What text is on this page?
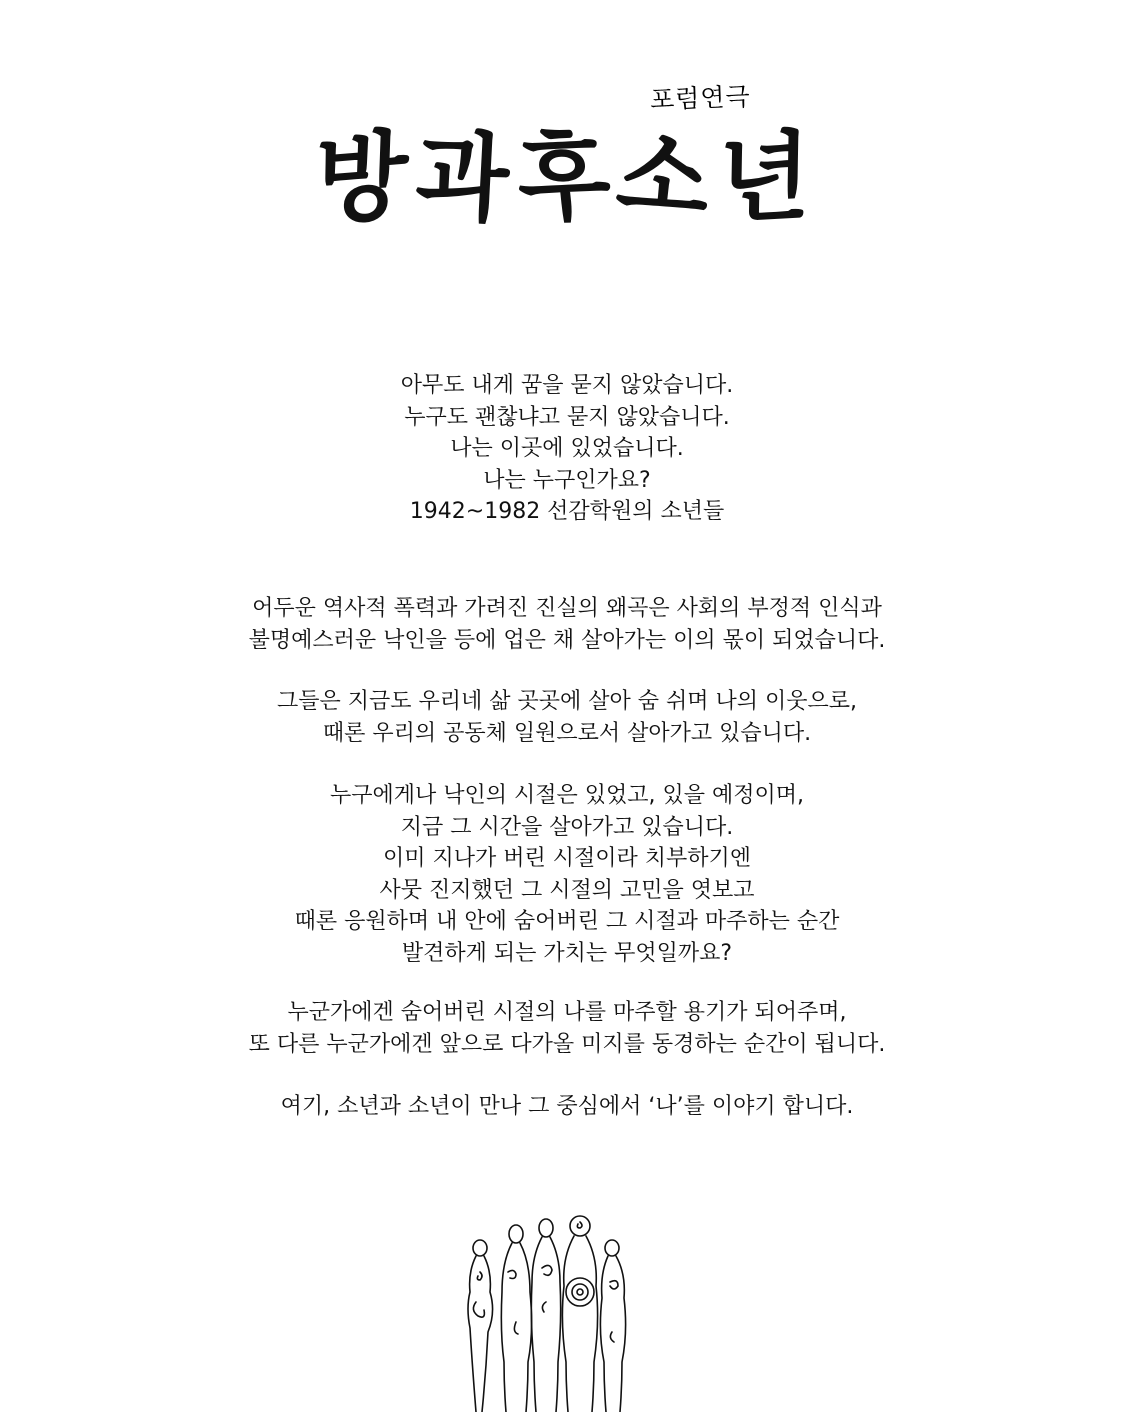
포럼연극
방과후소년

아무도 내게 꿈을 묻지 않았습니다.

누구도 괜찮냐고 묻지 않았습니다.

나는 이곳에 있었습니다.

나는 누구인가요?

1942~1982 선감학원의 소년들

어두운 역사적 폭력과 가려진 진실의 왜곡은 사회의 부정적 인식과

불명예스러운 낙인을 등에 업은 채 살아가는 이의 몫이 되었습니다.

그들은 지금도 우리네 삶 곳곳에 살아 숨 쉬며 나의 이웃으로,

때론 우리의 공동체 일원으로서 살아가고 있습니다.

누구에게나 낙인의 시절은 있었고, 있을 예정이며,

지금 그 시간을 살아가고 있습니다.

이미 지나가 버린 시절이라 치부하기엔

사뭇 진지했던 그 시절의 고민을 엿보고

때론 응원하며 내 안에 숨어버린 그 시절과 마주하는 순간

발견하게 되는 가치는 무엇일까요?

누군가에겐 숨어버린 시절의 나를 마주할 용기가 되어주며,

또 다른 누군가에겐 앞으로 다가올 미지를 동경하는 순간이 됩니다.

여기, 소년과 소년이 만나 그 중심에서 ‘나’를 이야기 합니다.
